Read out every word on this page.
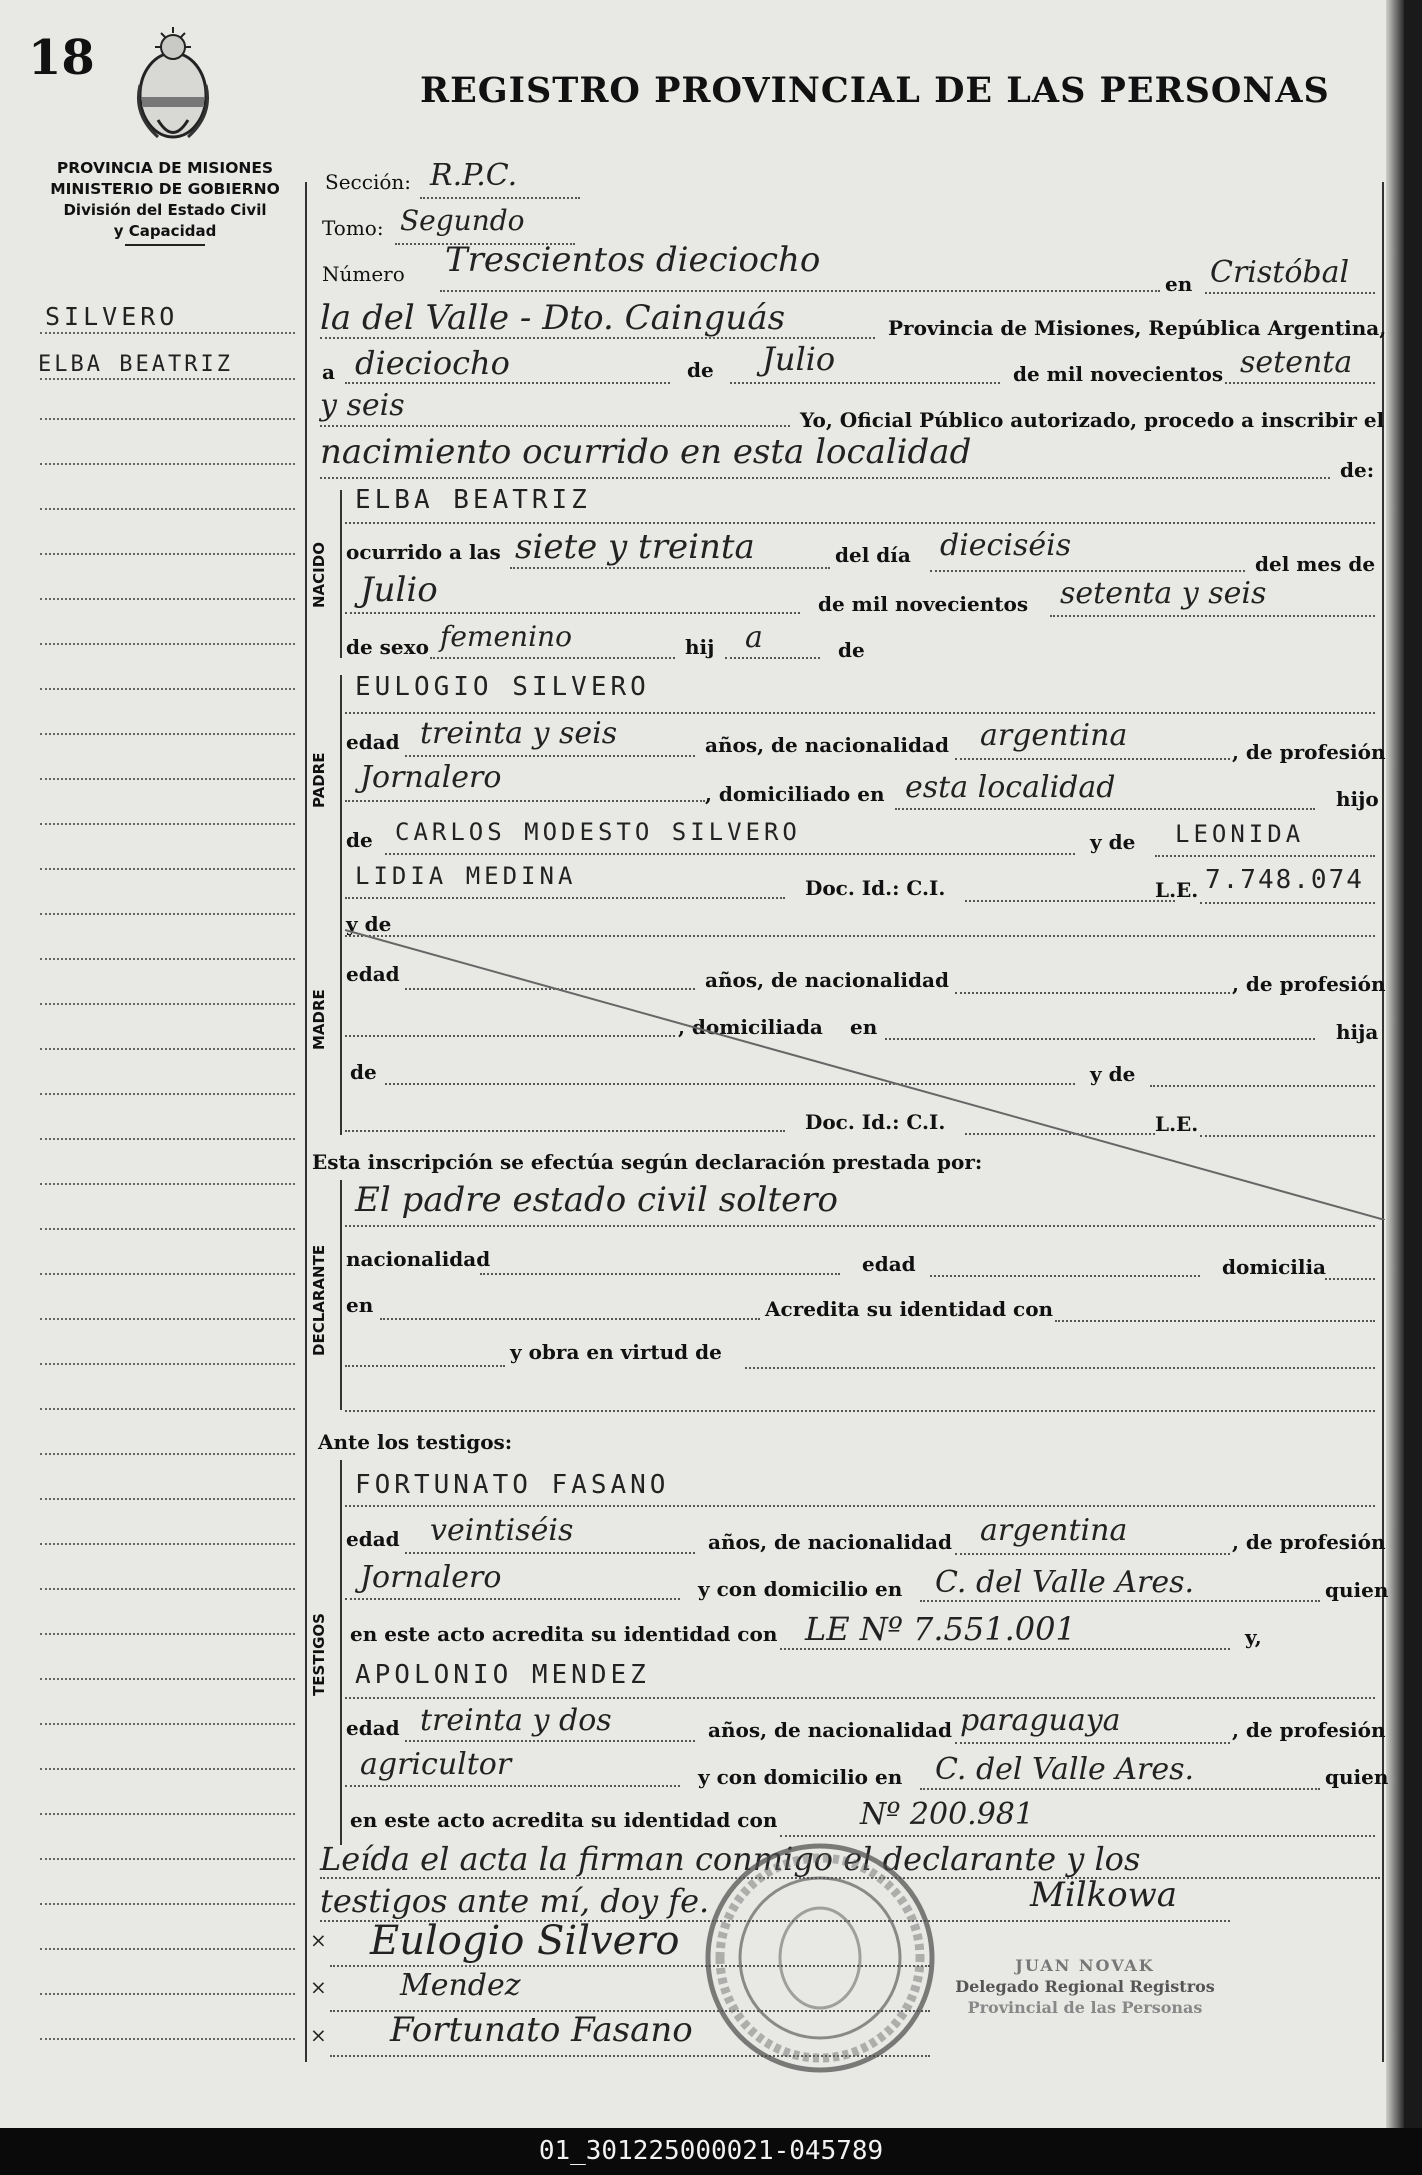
18
REGISTRO PROVINCIAL DE LAS PERSONAS
PROVINCIA DE MISIONES
MINISTERIO DE GOBIERNO
División del Estado Civil
y Capacidad
SILVERO
ELBA BEATRIZ
Sección: R.P.C.
Tomo: Segundo
Número Trescientos dieciocho
en Cristóbal
la del Valle - Dto. Cainguás	Provincia de Misiones, República Argentina,
a dieciocho	de Julio	de mil novecientos setenta
y seis	Yo, Oficial Público autorizado, procedo a inscribir el
nacimiento ocurrido en esta localidad	de:
NACIDO
ELBA BEATRIZ
ocurrido a las siete y treinta	del día dieciséis
del mes de
Julio	de mil novecientos setenta y seis
de sexo femenino	hij a	de
PADRE
EULOGIO SILVERO
edad treinta y seis	años, de nacionalidad argentina	, de profesión
Jornalero	, domiciliado en esta localidad	hijo
de CARLOS MODESTO SILVERO	y de LEONIDA
LIDIA MEDINA	Doc. Id.: C.I.	L.E. 7.748.074
MADRE
y de
edad	años, de nacionalidad	, de profesión
, domiciliada en	hija
de	y de
Doc. Id.: C.I.	L.E.
Esta inscripción se efectúa según declaración prestada por:
DECLARANTE
El padre estado civil soltero
nacionalidad	edad	domicilia
en	Acredita su identidad con
y obra en virtud de
Ante los testigos:
TESTIGOS
FORTUNATO FASANO
edad veintiséis	años, de nacionalidad argentina	, de profesión
Jornalero	y con domicilio en C. del Valle Ares.	quien
en este acto acredita su identidad con LE Nº 7.551.001	y,
APOLONIO MENDEZ
edad treinta y dos	años, de nacionalidad paraguaya	, de profesión
agricultor	y con domicilio en C. del Valle Ares.	quien
en este acto acredita su identidad con	Nº 200.981
Leída el acta la firman conmigo el declarante y los
testigos ante mí, doy fe.	Milkowa
× Eulogio Silvero
× Mendez
× Fortunato Fasano
JUAN NOVAK
Delegado Regional Registros
Provincial de las Personas
01_301225000021-045789
